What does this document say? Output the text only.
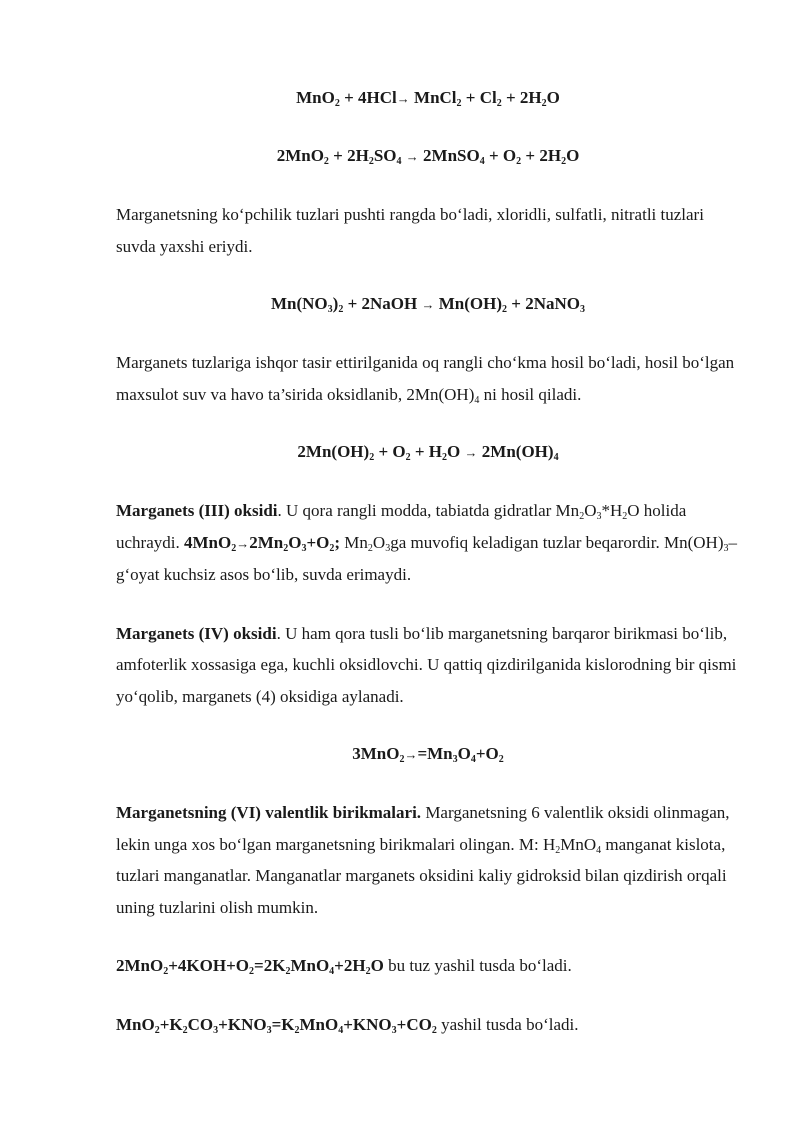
MnO$_2$ + 4HCl→ MnCl$_2$ + $Cl_2 + 2H_2O$

$2MnO_2 + 2H_2SO_4$ → 2MnSO$_4$ + $O_2 + 2H_2O$

Marganetsning ko‘pchilik tuzlari pushti rangda bo‘ladi, xloridli, sulfatli, nitratli tuzlari suvda yaxshi eriydi.

$Mn(NO_3)_2$ + 2NaOH → $Mn(OH)_2$ + 2NaNO$_3$

Marganets tuzlariga ishqor tasir ettirilganida oq rangli cho‘kma hosil bo‘ladi, hosil bo‘lgan maxsulot suv va havo ta’sirida oksidlanib, $2Mn(OH)_4$ ni hosil qiladi.

$2Mn(OH)_2 + O_2 + H_2O \to 2Mn(OH)_4$

Marganets (III) oksidi. U qora rangli modda, tabiatda gidratlar $Mn_2O_3*H_2O$ holida uchraydi. $4MnO_2\to 2Mn_2O_3+O_2$; $Mn_2O_3ga$ muvofiq keladigan tuzlar beqarordir. $Mn(OH)_3-$ g‘oyat kuchsiz asos bo‘lib, suvda erimaydi.

Marganets (IV) oksidi. U ham qora tusli bo‘lib marganetsning barqaror birikmasi bo‘lib, amfoterlik xossasiga ega, kuchli oksidlovchi. U qattiq qizdirilganida kislorodning bir qismi yo‘qolib, marganets (4) oksidiga aylanadi.

$3MnO_2\to=Mn_3O_4+O_2$

Marganetsning (VI) valentlik birikmalari. Marganetsning 6 valentlik oksidi olinmagan, lekin unga xos bo‘lgan marganetsning birikmalari olingan. M: $H_2MnO_4$ manganat kislota, tuzlari manganatlar. Manganatlar marganets oksidini kaliy gidroksid bilan qizdirish orqali uning tuzlarini olish mumkin.

$2MnO_2+4KOH+O_2=2K_2MnO_4+2H_2O$ bu tuz yashil tusda bo‘ladi.

$MnO_2+K_2CO_3+KNO_3=K_2MnO_4+KNO_3+CO_2$ yashil tusda bo‘ladi.
